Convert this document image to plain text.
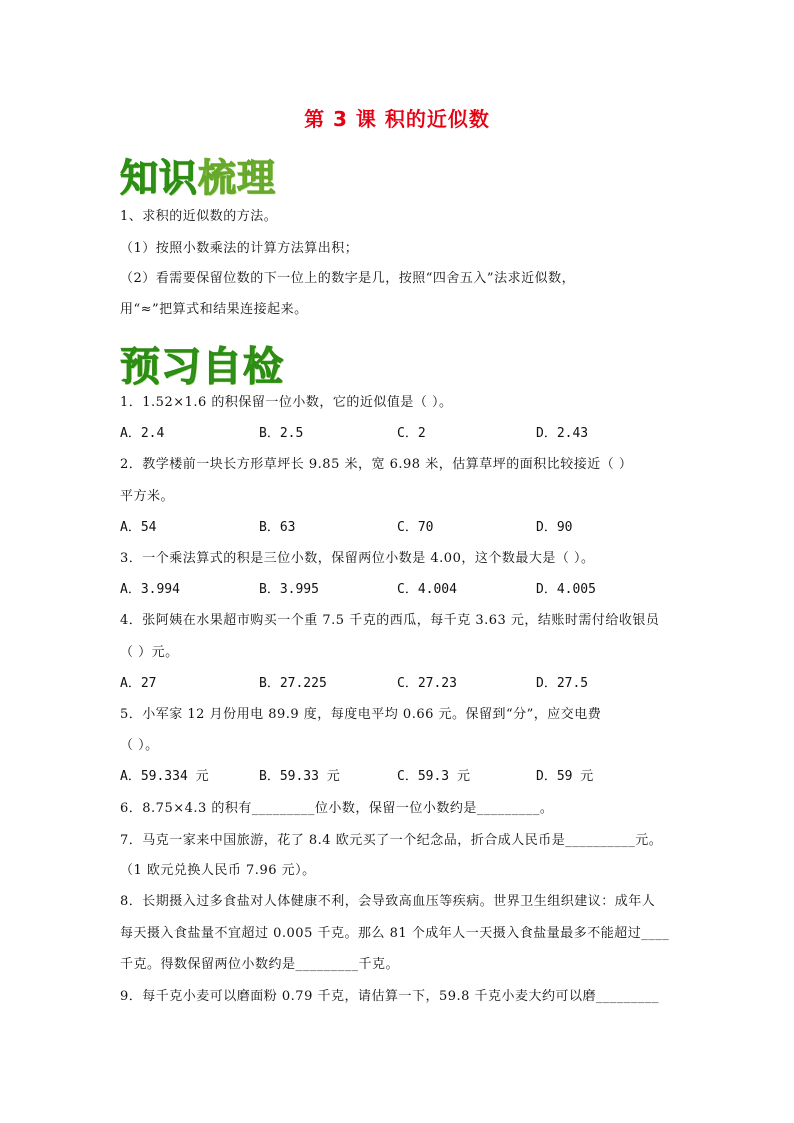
第 3 课 积的近似数
知识梳理
1、求积的近似数的方法。
（1）按照小数乘法的计算方法算出积；
（2）看需要保留位数的下一位上的数字是几，按照“四舍五入”法求近似数，
用“≈”把算式和结果连接起来。
预习自检
1．1.52×1.6 的积保留一位小数，它的近似值是（ ）。
A．2.4	B．2.5	C．2	D．2.43
2．教学楼前一块长方形草坪长 9.85 米，宽 6.98 米，估算草坪的面积比较接近（ ）
平方米。
A．54	B．63	C．70	D．90
3．一个乘法算式的积是三位小数，保留两位小数是 4.00，这个数最大是（ ）。
A．3.994	B．3.995	C．4.004	D．4.005
4．张阿姨在水果超市购买一个重 7.5 千克的西瓜，每千克 3.63 元，结账时需付给收银员
（ ）元。
A．27	B．27.225	C．27.23	D．27.5
5．小军家 12 月份用电 89.9 度，每度电平均 0.66 元。保留到“分”，应交电费
（ ）。
A．59.334 元	B．59.33 元	C．59.3 元	D．59 元
6．8.75×4.3 的积有_________位小数，保留一位小数约是_________。
7．马克一家来中国旅游，花了 8.4 欧元买了一个纪念品，折合成人民币是__________元。
（1 欧元兑换人民币 7.96 元）。
8．长期摄入过多食盐对人体健康不利，会导致高血压等疾病。世界卫生组织建议：成年人
每天摄入食盐量不宜超过 0.005 千克。那么 81 个成年人一天摄入食盐量最多不能超过____
千克。得数保留两位小数约是_________千克。
9．每千克小麦可以磨面粉 0.79 千克，请估算一下，59.8 千克小麦大约可以磨_________
